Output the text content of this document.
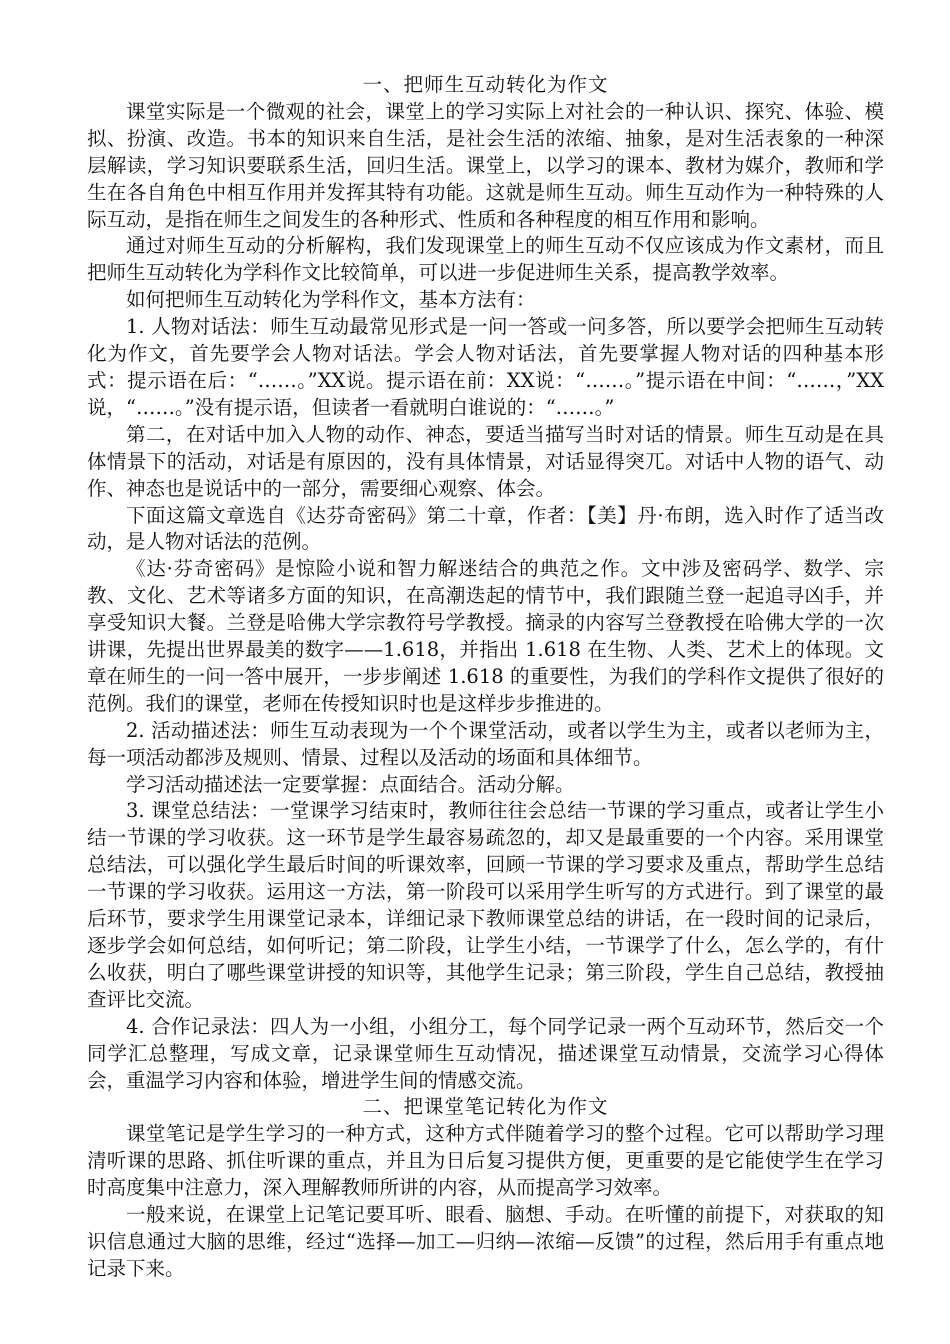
一、把师生互动转化为作文

课堂实际是一个微观的社会，课堂上的学习实际上对社会的一种认识、探究、体验、模拟、扮演、改造。书本的知识来自生活，是社会生活的浓缩、抽象，是对生活表象的一种深层解读，学习知识要联系生活，回归生活。课堂上，以学习的课本、教材为媒介，教师和学生在各自角色中相互作用并发挥其特有功能。这就是师生互动。师生互动作为一种特殊的人际互动，是指在师生之间发生的各种形式、性质和各种程度的相互作用和影响。

通过对师生互动的分析解构，我们发现课堂上的师生互动不仅应该成为作文素材，而且把师生互动转化为学科作文比较简单，可以进一步促进师生关系，提高教学效率。

如何把师生互动转化为学科作文，基本方法有：

1. 人物对话法：师生互动最常见形式是一问一答或一问多答，所以要学会把师生互动转化为作文，首先要学会人物对话法。学会人物对话法，首先要掌握人物对话的四种基本形式：提示语在后：“……。”XX说。提示语在前：XX说：“……。”提示语在中间：“……，”XX说，“……。”没有提示语，但读者一看就明白谁说的：“……。”

第二，在对话中加入人物的动作、神态，要适当描写当时对话的情景。师生互动是在具体情景下的活动，对话是有原因的，没有具体情景，对话显得突兀。对话中人物的语气、动作、神态也是说话中的一部分，需要细心观察、体会。

下面这篇文章选自《达芬奇密码》第二十章，作者：【美】丹·布朗，选入时作了适当改动，是人物对话法的范例。

《达·芬奇密码》是惊险小说和智力解迷结合的典范之作。文中涉及密码学、数学、宗教、文化、艺术等诸多方面的知识，在高潮迭起的情节中，我们跟随兰登一起追寻凶手，并享受知识大餐。兰登是哈佛大学宗教符号学教授。摘录的内容写兰登教授在哈佛大学的一次讲课，先提出世界最美的数字——1.618，并指出 1.618 在生物、人类、艺术上的体现。文章在师生的一问一答中展开，一步步阐述 1.618 的重要性，为我们的学科作文提供了很好的范例。我们的课堂，老师在传授知识时也是这样步步推进的。

2. 活动描述法：师生互动表现为一个个课堂活动，或者以学生为主，或者以老师为主，每一项活动都涉及规则、情景、过程以及活动的场面和具体细节。

学习活动描述法一定要掌握：点面结合。活动分解。

3. 课堂总结法：一堂课学习结束时，教师往往会总结一节课的学习重点，或者让学生小结一节课的学习收获。这一环节是学生最容易疏忽的，却又是最重要的一个内容。采用课堂总结法，可以强化学生最后时间的听课效率，回顾一节课的学习要求及重点，帮助学生总结一节课的学习收获。运用这一方法，第一阶段可以采用学生听写的方式进行。到了课堂的最后环节，要求学生用课堂记录本，详细记录下教师课堂总结的讲话，在一段时间的记录后，逐步学会如何总结，如何听记；第二阶段，让学生小结，一节课学了什么，怎么学的，有什么收获，明白了哪些课堂讲授的知识等，其他学生记录；第三阶段，学生自己总结，教授抽查评比交流。

4. 合作记录法：四人为一小组，小组分工，每个同学记录一两个互动环节，然后交一个同学汇总整理，写成文章，记录课堂师生互动情况，描述课堂互动情景，交流学习心得体会，重温学习内容和体验，增进学生间的情感交流。

二、把课堂笔记转化为作文

课堂笔记是学生学习的一种方式，这种方式伴随着学习的整个过程。它可以帮助学习理清听课的思路、抓住听课的重点，并且为日后复习提供方便，更重要的是它能使学生在学习时高度集中注意力，深入理解教师所讲的内容，从而提高学习效率。

一般来说，在课堂上记笔记要耳听、眼看、脑想、手动。在听懂的前提下，对获取的知识信息通过大脑的思维，经过“选择—加工—归纳—浓缩—反馈”的过程，然后用手有重点地记录下来。
